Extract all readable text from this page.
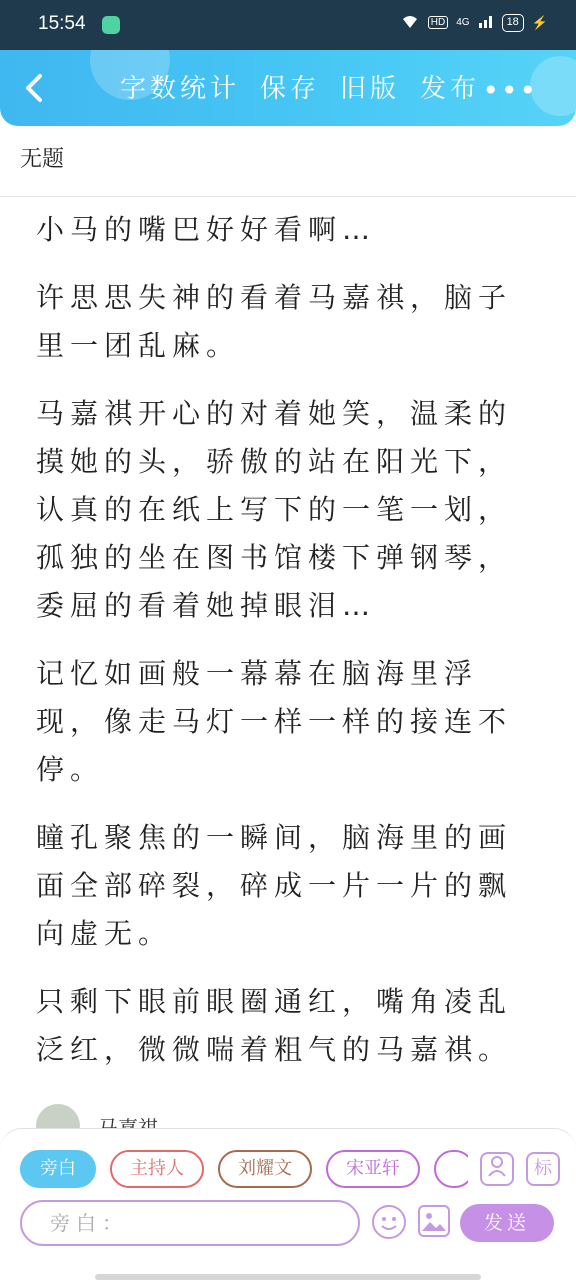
15:54	HD	4G	18	⚡
字数统计 保存 旧版 发布 •••
无题

小马的嘴巴好好看啊…

许思思失神的看着马嘉祺，脑子里一团乱麻。

马嘉祺开心的对着她笑，温柔的摸她的头，骄傲的站在阳光下，认真的在纸上写下的一笔一划，孤独的坐在图书馆楼下弹钢琴，委屈的看着她掉眼泪…

记忆如画般一幕幕在脑海里浮现，像走马灯一样一样的接连不停。

瞳孔聚焦的一瞬间，脑海里的画面全部碎裂，碎成一片一片的飘向虚无。

只剩下眼前眼圈通红，嘴角凌乱泛红，微微喘着粗气的马嘉祺。

旁白	主持人	刘耀文	宋亚轩	标
旁白：	发送
